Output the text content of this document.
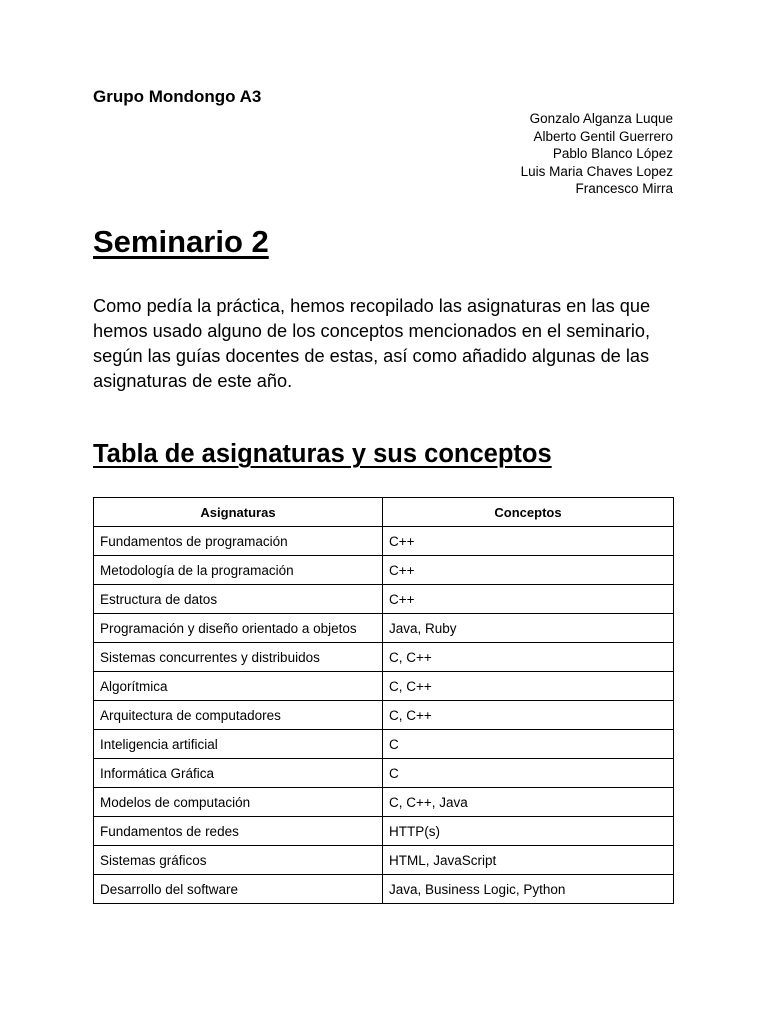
Grupo Mondongo A3
Gonzalo Alganza Luque
Alberto Gentil Guerrero
Pablo Blanco López
Luis Maria Chaves Lopez
Francesco Mirra
Seminario 2

Como pedía la práctica, hemos recopilado las asignaturas en las que hemos usado alguno de los conceptos mencionados en el seminario, según las guías docentes de estas, así como añadido algunas de las asignaturas de este año.

Tabla de asignaturas y sus conceptos
Asignaturas	Conceptos
Fundamentos de programación	C++
Metodología de la programación	C++
Estructura de datos	C++
Programación y diseño orientado a objetos	Java, Ruby
Sistemas concurrentes y distribuidos	C, C++
Algorítmica	C, C++
Arquitectura de computadores	C, C++
Inteligencia artificial	C
Informática Gráfica	C
Modelos de computación	C, C++, Java
Fundamentos de redes	HTTP(s)
Sistemas gráficos	HTML, JavaScript
Desarrollo del software	Java, Business Logic, Python
